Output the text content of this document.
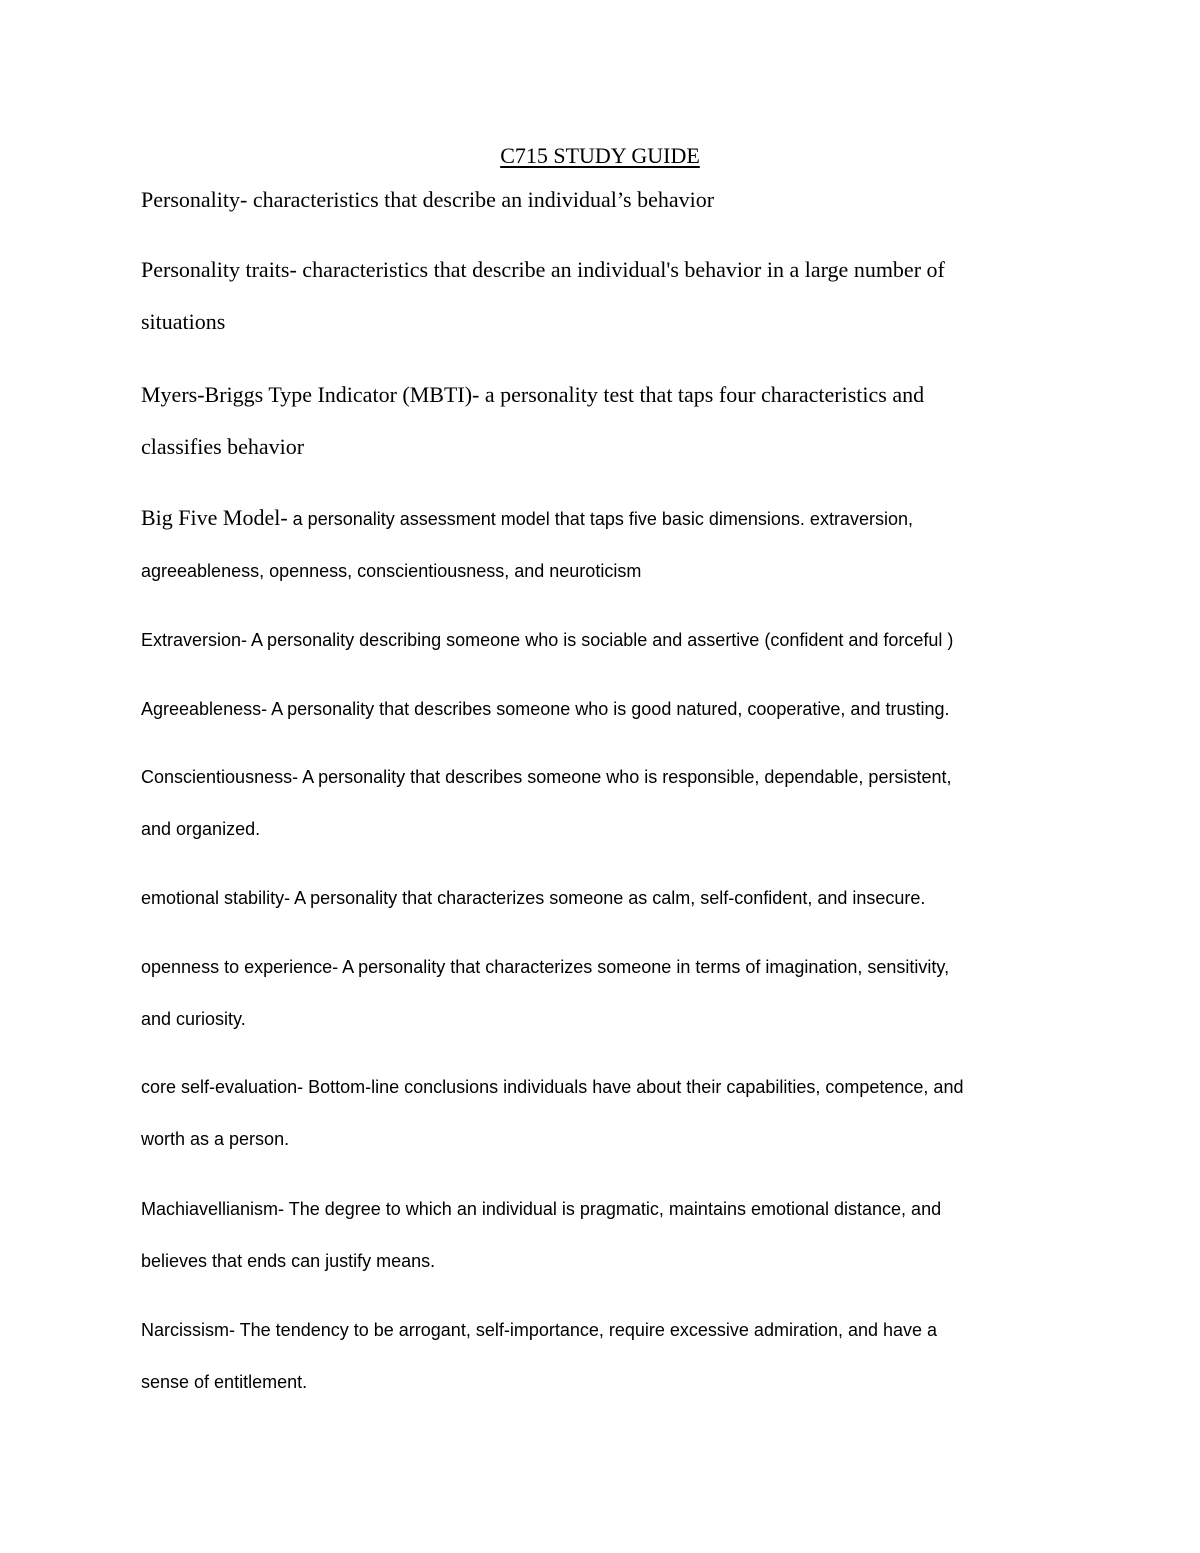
C715 STUDY GUIDE
Personality- characteristics that describe an individual’s behavior
Personality traits- characteristics that describe an individual's behavior in a large number of
situations
Myers-Briggs Type Indicator (MBTI)- a personality test that taps four characteristics and
classifies behavior
Big Five Model- a personality assessment model that taps five basic dimensions. extraversion,
agreeableness, openness, conscientiousness, and neuroticism
Extraversion- A personality describing someone who is sociable and assertive (confident and forceful )
Agreeableness- A personality that describes someone who is good natured, cooperative, and trusting.
Conscientiousness- A personality that describes someone who is responsible, dependable, persistent,
and organized.
emotional stability- A personality that characterizes someone as calm, self-confident, and insecure.
openness to experience- A personality that characterizes someone in terms of imagination, sensitivity,
and curiosity.
core self-evaluation- Bottom-line conclusions individuals have about their capabilities, competence, and
worth as a person.
Machiavellianism- The degree to which an individual is pragmatic, maintains emotional distance, and
believes that ends can justify means.
Narcissism- The tendency to be arrogant, self-importance, require excessive admiration, and have a
sense of entitlement.
